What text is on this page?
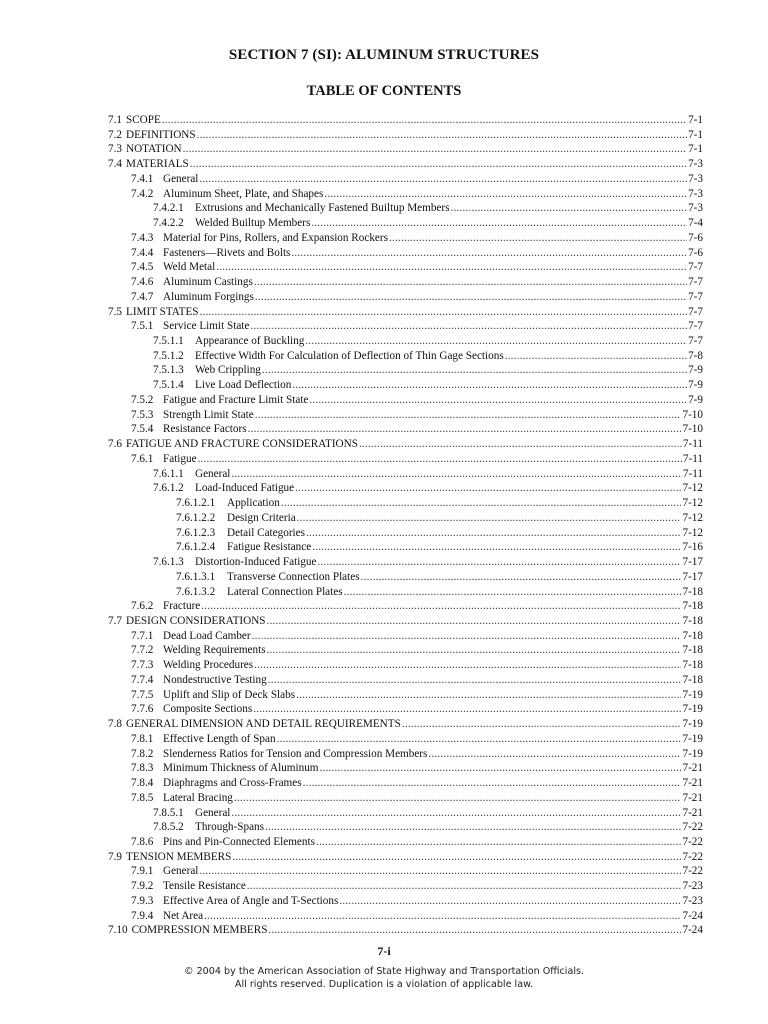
SECTION 7 (SI): ALUMINUM STRUCTURES
TABLE OF CONTENTS
7.1 SCOPE .....	7-1
7.2 DEFINITIONS .....	7-1
7.3 NOTATION .....	7-1
7.4 MATERIALS .....	7-3
7.4.1 General .....	7-3
7.4.2 Aluminum Sheet, Plate, and Shapes .....	7-3
7.4.2.1	Extrusions and Mechanically Fastened Builtup Members .....	7-3
7.4.2.2	Welded Builtup Members .....	7-4
7.4.3 Material for Pins, Rollers, and Expansion Rockers .....	7-6
7.4.4 Fasteners—Rivets and Bolts .....	7-6
7.4.5 Weld Metal .....	7-7
7.4.6 Aluminum Castings .....	7-7
7.4.7 Aluminum Forgings .....	7-7
7.5 LIMIT STATES .....	7-7
7.5.1 Service Limit State .....	7-7
7.5.1.1	Appearance of Buckling .....	7-7
7.5.1.2	Effective Width For Calculation of Deflection of Thin Gage Sections .....	7-8
7.5.1.3	Web Crippling .....	7-9
7.5.1.4	Live Load Deflection .....	7-9
7.5.2 Fatigue and Fracture Limit State .....	7-9
7.5.3 Strength Limit State .....	7-10
7.5.4 Resistance Factors .....	7-10
7.6 FATIGUE AND FRACTURE CONSIDERATIONS .....	7-11
7.6.1 Fatigue .....	7-11
7.6.1.1	General .....	7-11
7.6.1.2	Load-Induced Fatigue .....	7-12
7.6.1.2.1	Application .....	7-12
7.6.1.2.2	Design Criteria .....	7-12
7.6.1.2.3	Detail Categories .....	7-12
7.6.1.2.4	Fatigue Resistance .....	7-16
7.6.1.3	Distortion-Induced Fatigue .....	7-17
7.6.1.3.1	Transverse Connection Plates .....	7-17
7.6.1.3.2	Lateral Connection Plates .....	7-18
7.6.2 Fracture .....	7-18
7.7 DESIGN CONSIDERATIONS .....	7-18
7.7.1 Dead Load Camber .....	7-18
7.7.2 Welding Requirements .....	7-18
7.7.3 Welding Procedures .....	7-18
7.7.4 Nondestructive Testing .....	7-18
7.7.5 Uplift and Slip of Deck Slabs .....	7-19
7.7.6 Composite Sections .....	7-19
7.8 GENERAL DIMENSION AND DETAIL REQUIREMENTS .....	7-19
7.8.1 Effective Length of Span .....	7-19
7.8.2 Slenderness Ratios for Tension and Compression Members .....	7-19
7.8.3 Minimum Thickness of Aluminum .....	7-21
7.8.4 Diaphragms and Cross-Frames .....	7-21
7.8.5 Lateral Bracing .....	7-21
7.8.5.1	General .....	7-21
7.8.5.2	Through-Spans .....	7-22
7.8.6 Pins and Pin-Connected Elements .....	7-22
7.9 TENSION MEMBERS .....	7-22
7.9.1 General .....	7-22
7.9.2 Tensile Resistance .....	7-23
7.9.3 Effective Area of Angle and T-Sections .....	7-23
7.9.4 Net Area .....	7-24
7.10 COMPRESSION MEMBERS .....	7-24
7-i
© 2004 by the American Association of State Highway and Transportation Officials.
All rights reserved. Duplication is a violation of applicable law.
